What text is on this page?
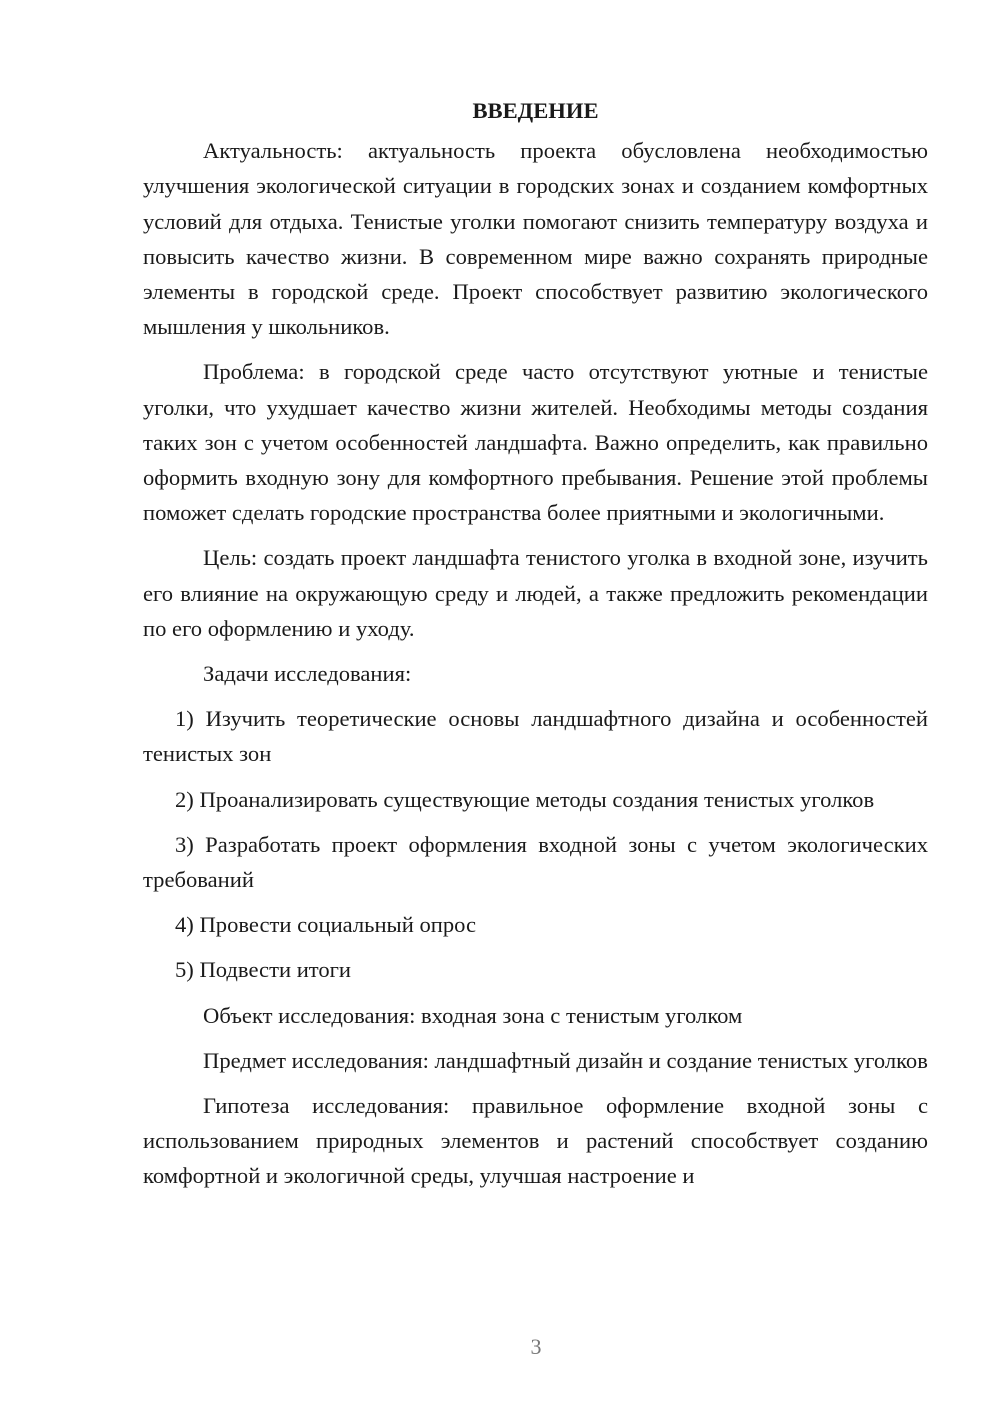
ВВЕДЕНИЕ

Актуальность: актуальность проекта обусловлена необходимостью улучшения экологической ситуации в городских зонах и созданием комфортных условий для отдыха. Тенистые уголки помогают снизить температуру воздуха и повысить качество жизни. В современном мире важно сохранять природные элементы в городской среде. Проект способствует развитию экологического мышления у школьников.

Проблема: в городской среде часто отсутствуют уютные и тенистые уголки, что ухудшает качество жизни жителей. Необходимы методы создания таких зон с учетом особенностей ландшафта. Важно определить, как правильно оформить входную зону для комфортного пребывания. Решение этой проблемы поможет сделать городские пространства более приятными и экологичными.

Цель: создать проект ландшафта тенистого уголка в входной зоне, изучить его влияние на окружающую среду и людей, а также предложить рекомендации по его оформлению и уходу.

Задачи исследования:

1) Изучить теоретические основы ландшафтного дизайна и особенностей тенистых зон

2) Проанализировать существующие методы создания тенистых уголков

3) Разработать проект оформления входной зоны с учетом экологических требований

4) Провести социальный опрос

5) Подвести итоги

Объект исследования: входная зона с тенистым уголком

Предмет исследования: ландшафтный дизайн и создание тенистых уголков

Гипотеза исследования: правильное оформление входной зоны с использованием природных элементов и растений способствует созданию комфортной и экологичной среды, улучшая настроение и

3
